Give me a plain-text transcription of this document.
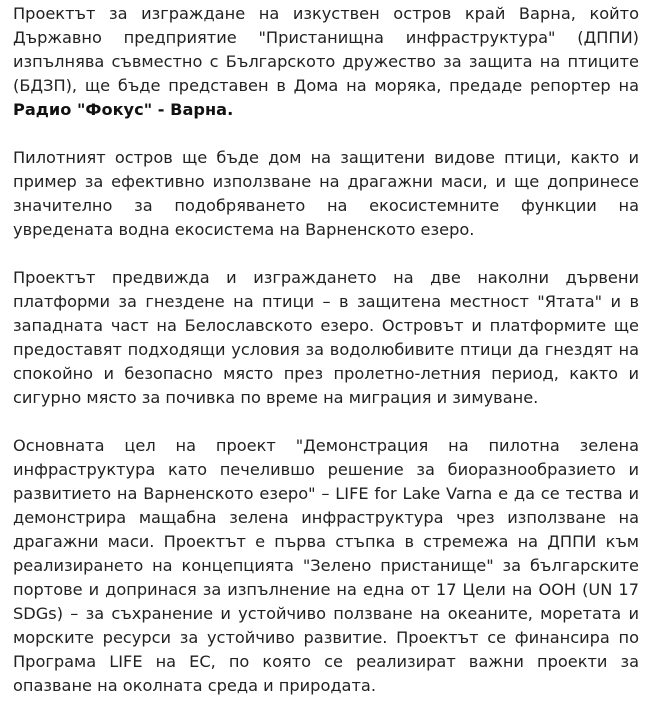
Проектът за изграждане на изкуствен остров край Варна, който Държавно предприятие "Пристанищна инфраструктура" (ДППИ) изпълнява съвместно с Българското дружество за защита на птиците (БДЗП), ще бъде представен в Дома на моряка, предаде репортер на Радио "Фокус" - Варна.

Пилотният остров ще бъде дом на защитени видове птици, както и пример за ефективно използване на драгажни маси, и ще допринесе значително за подобряването на екосистемните функции на увредената водна екосистема на Варненското езеро.

Проектът предвижда и изграждането на две наколни дървени платформи за гнездене на птици – в защитена местност "Ятата" и в западната част на Белославското езеро. Островът и платформите ще предоставят подходящи условия за водолюбивите птици да гнездят на спокойно и безопасно място през пролетно-летния период, както и сигурно място за почивка по време на миграция и зимуване.

Основната цел на проект "Демонстрация на пилотна зелена инфраструктура като печелившо решение за биоразнообразието и развитието на Варненското езеро" – LIFE for Lake Varna е да се тества и демонстрира мащабна зелена инфраструктура чрез използване на драгажни маси. Проектът е първа стъпка в стремежа на ДППИ към реализирането на концепцията "Зелено пристанище" за българските портове и допринася за изпълнение на една от 17 Цели на ООН (UN 17 SDGs) – за съхранение и устойчиво ползване на океаните, моретата и морските ресурси за устойчиво развитие. Проектът се финансира по Програма LIFE на ЕС, по която се реализират важни проекти за опазване на околната среда и природата.
